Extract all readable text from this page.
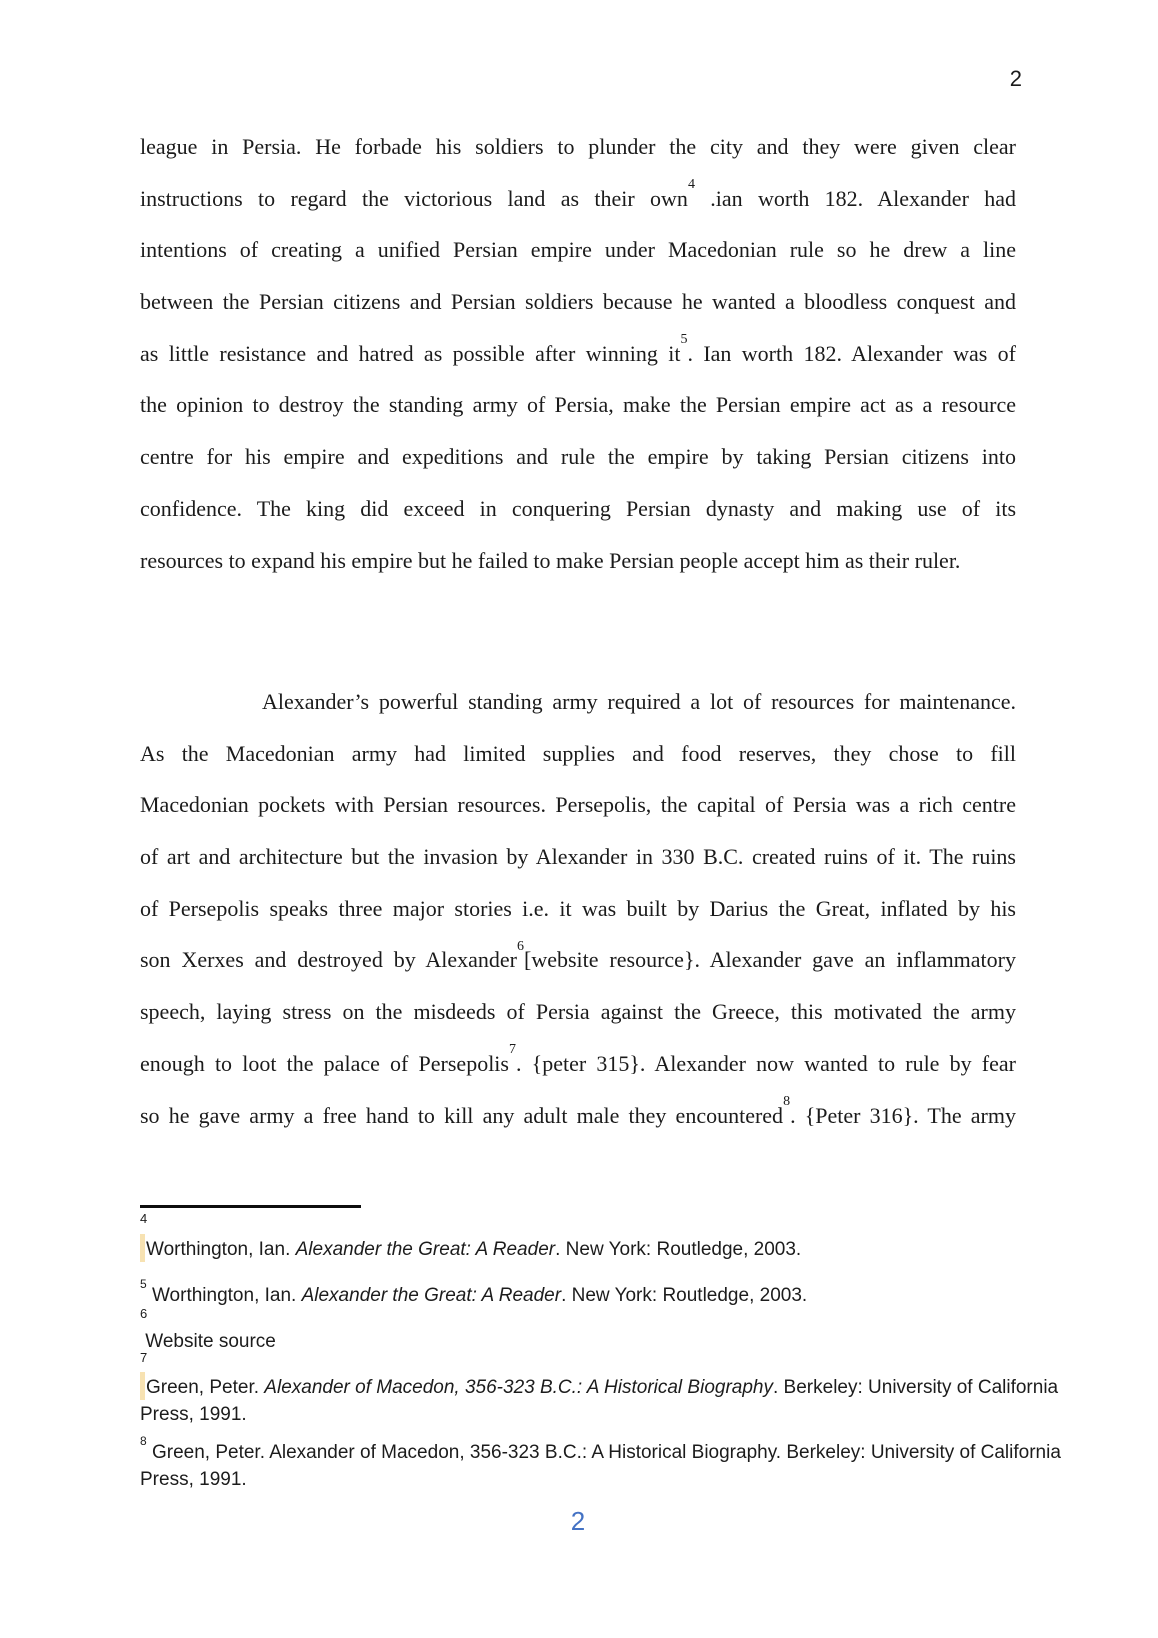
2
league in Persia. He forbade his soldiers to plunder the city and they were given clear
instructions to regard the victorious land as their own$^4$ .ian worth 182. Alexander had
intentions of creating a unified Persian empire under Macedonian rule so he drew a line
between the Persian citizens and Persian soldiers because he wanted a bloodless conquest and
as little resistance and hatred as possible after winning it$^5$. Ian worth 182. Alexander was of
the opinion to destroy the standing army of Persia, make the Persian empire act as a resource
centre for his empire and expeditions and rule the empire by taking Persian citizens into
confidence. The king did exceed in conquering Persian dynasty and making use of its
resources to expand his empire but he failed to make Persian people accept him as their ruler.
Alexander’s powerful standing army required a lot of resources for maintenance.
As the Macedonian army had limited supplies and food reserves, they chose to fill
Macedonian pockets with Persian resources. Persepolis, the capital of Persia was a rich centre
of art and architecture but the invasion by Alexander in 330 B.C. created ruins of it. The ruins
of Persepolis speaks three major stories i.e. it was built by Darius the Great, inflated by his
son Xerxes and destroyed by Alexander$^6$[website resource}. Alexander gave an inflammatory
speech, laying stress on the misdeeds of Persia against the Greece, this motivated the army
enough to loot the palace of Persepolis$^7$. {peter 315}. Alexander now wanted to rule by fear
so he gave army a free hand to kill any adult male they encountered$^8$. {Peter 316}. The army
4
Worthington, Ian. Alexander the Great: A Reader. New York: Routledge, 2003.
$^5$ Worthington, Ian. Alexander the Great: A Reader. New York: Routledge, 2003.
6
Website source
7
Green, Peter. Alexander of Macedon, 356-323 B.C.: A Historical Biography. Berkeley: University of California
Press, 1991.
$^8$ Green, Peter. Alexander of Macedon, 356-323 B.C.: A Historical Biography. Berkeley: University of California
Press, 1991.
2
